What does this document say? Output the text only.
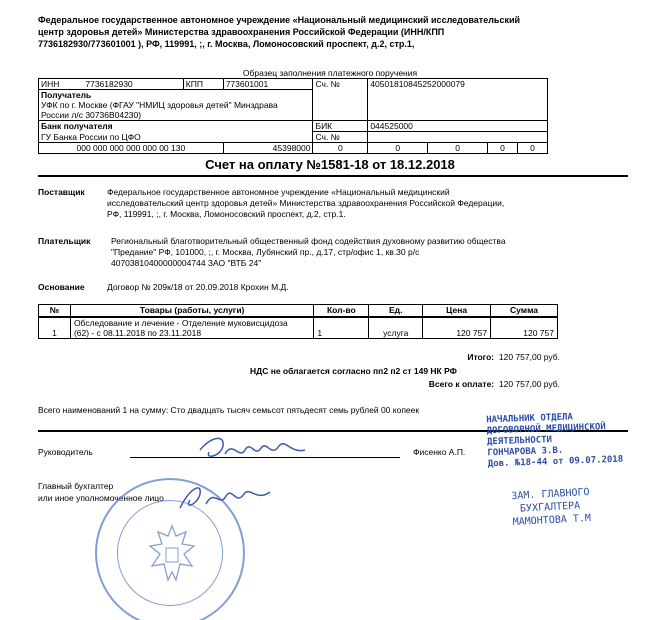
Федеральное государственное автономное учреждение «Национальный медицинский исследовательский
центр здоровья детей» Министерства здравоохранения Российской Федерации (ИНН/КПП
7736182930/773601001 ), РФ, 119991, ;, г. Москва, Ломоносовский проспект, д.2, стр.1,
Образец заполнения платежного поручения
ИНН 7736182930	КПП	773601001	Сч. №	40501810845252000079			

Получатель
УФК по г. Москве (ФГАУ "НМИЦ здоровья детей" Минздрава
России л/с 30736В04230)							

Банк получателя			БИК	044525000			
ГУ Банка России по ЦФО			Сч. №				
000 000 000 000 000 00 130		45398000	0	0	0	0	0
Счет на оплату №1581-18 от 18.12.2018
Поставщик	Федеральное государственное автономное учреждение «Национальный медицинский
исследовательский центр здоровья детей» Министерства здравоохранения Российской Федерации,
РФ, 119991, ;, г. Москва, Ломоносовский проспект, д.2, стр.1.
Плательщик Региональный благотворительный общественный фонд содействия духовному развитию общества
"Предание" РФ, 101000, ;, г. Москва, Лубянский пр., д.17, стр/офис 1, кв.30 р/с
40703810400000004744 ЗАО "ВТБ 24"
Основание	Договор № 209к/18 от 20.09.2018 Крохин М.Д.
№	Товары (работы, услуги)	Кол-во	Ед.	Цена	Сумма
1	Обследование и лечение - Отделение муковисцидоза
(62) - с 08.11.2018 по 23.11.2018	1	услуга	120 757	120 757
Итого: 120 757,00 руб.
НДС не облагается согласно пп2 п2 ст 149 НК РФ
Всего к оплате: 120 757,00 руб.
Всего наименований 1 на сумму: Сто двадцать тысяч семьсот пятьдесят семь рублей 00 копеек
Руководитель	Фисенко А.П.
Главный бухгалтер
или иное уполномоченное лицо
НАЧАЛЬНИК ОТДЕЛА
ДОГОВОРНОЙ МЕДИЦИНСКОЙ
ДЕЯТЕЛЬНОСТИ
ГОНЧАРОВА З.В.
Дов. №18-44 от 09.07.2018
ЗАМ. ГЛАВНОГО
БУХГАЛТЕРА
МАМОНТОВА Т.М
